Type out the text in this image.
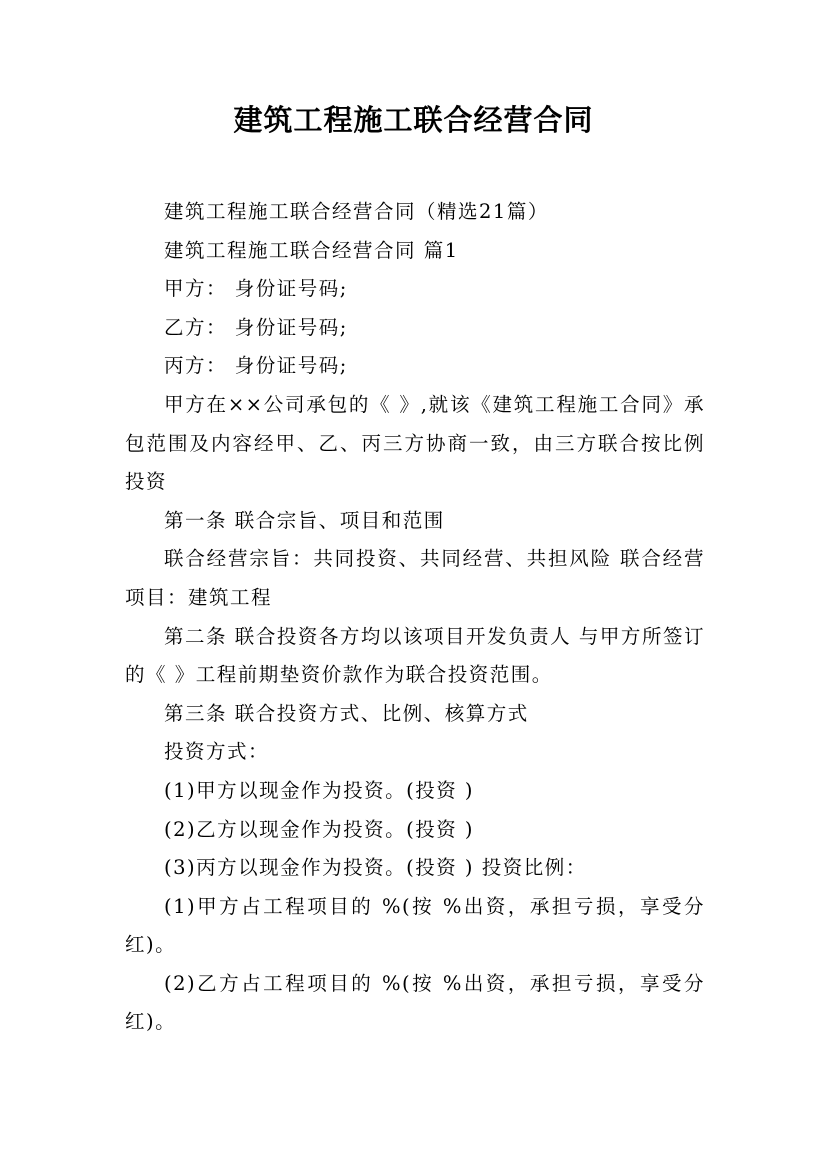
建筑工程施工联合经营合同

建筑工程施工联合经营合同（精选21篇）

建筑工程施工联合经营合同 篇1

甲方： 身份证号码;

乙方： 身份证号码;

丙方： 身份证号码;

甲方在××公司承包的《 》,就该《建筑工程施工合同》承包范围及内容经甲、乙、丙三方协商一致，由三方联合按比例投资

第一条 联合宗旨、项目和范围

联合经营宗旨：共同投资、共同经营、共担风险 联合经营项目：建筑工程

第二条 联合投资各方均以该项目开发负责人 与甲方所签订的《 》工程前期垫资价款作为联合投资范围。

第三条 联合投资方式、比例、核算方式

投资方式：

(1)甲方以现金作为投资。(投资 )

(2)乙方以现金作为投资。(投资 )

(3)丙方以现金作为投资。(投资 ) 投资比例：

(1)甲方占工程项目的 %(按 %出资，承担亏损，享受分红)。

(2)乙方占工程项目的 %(按 %出资，承担亏损，享受分红)。
